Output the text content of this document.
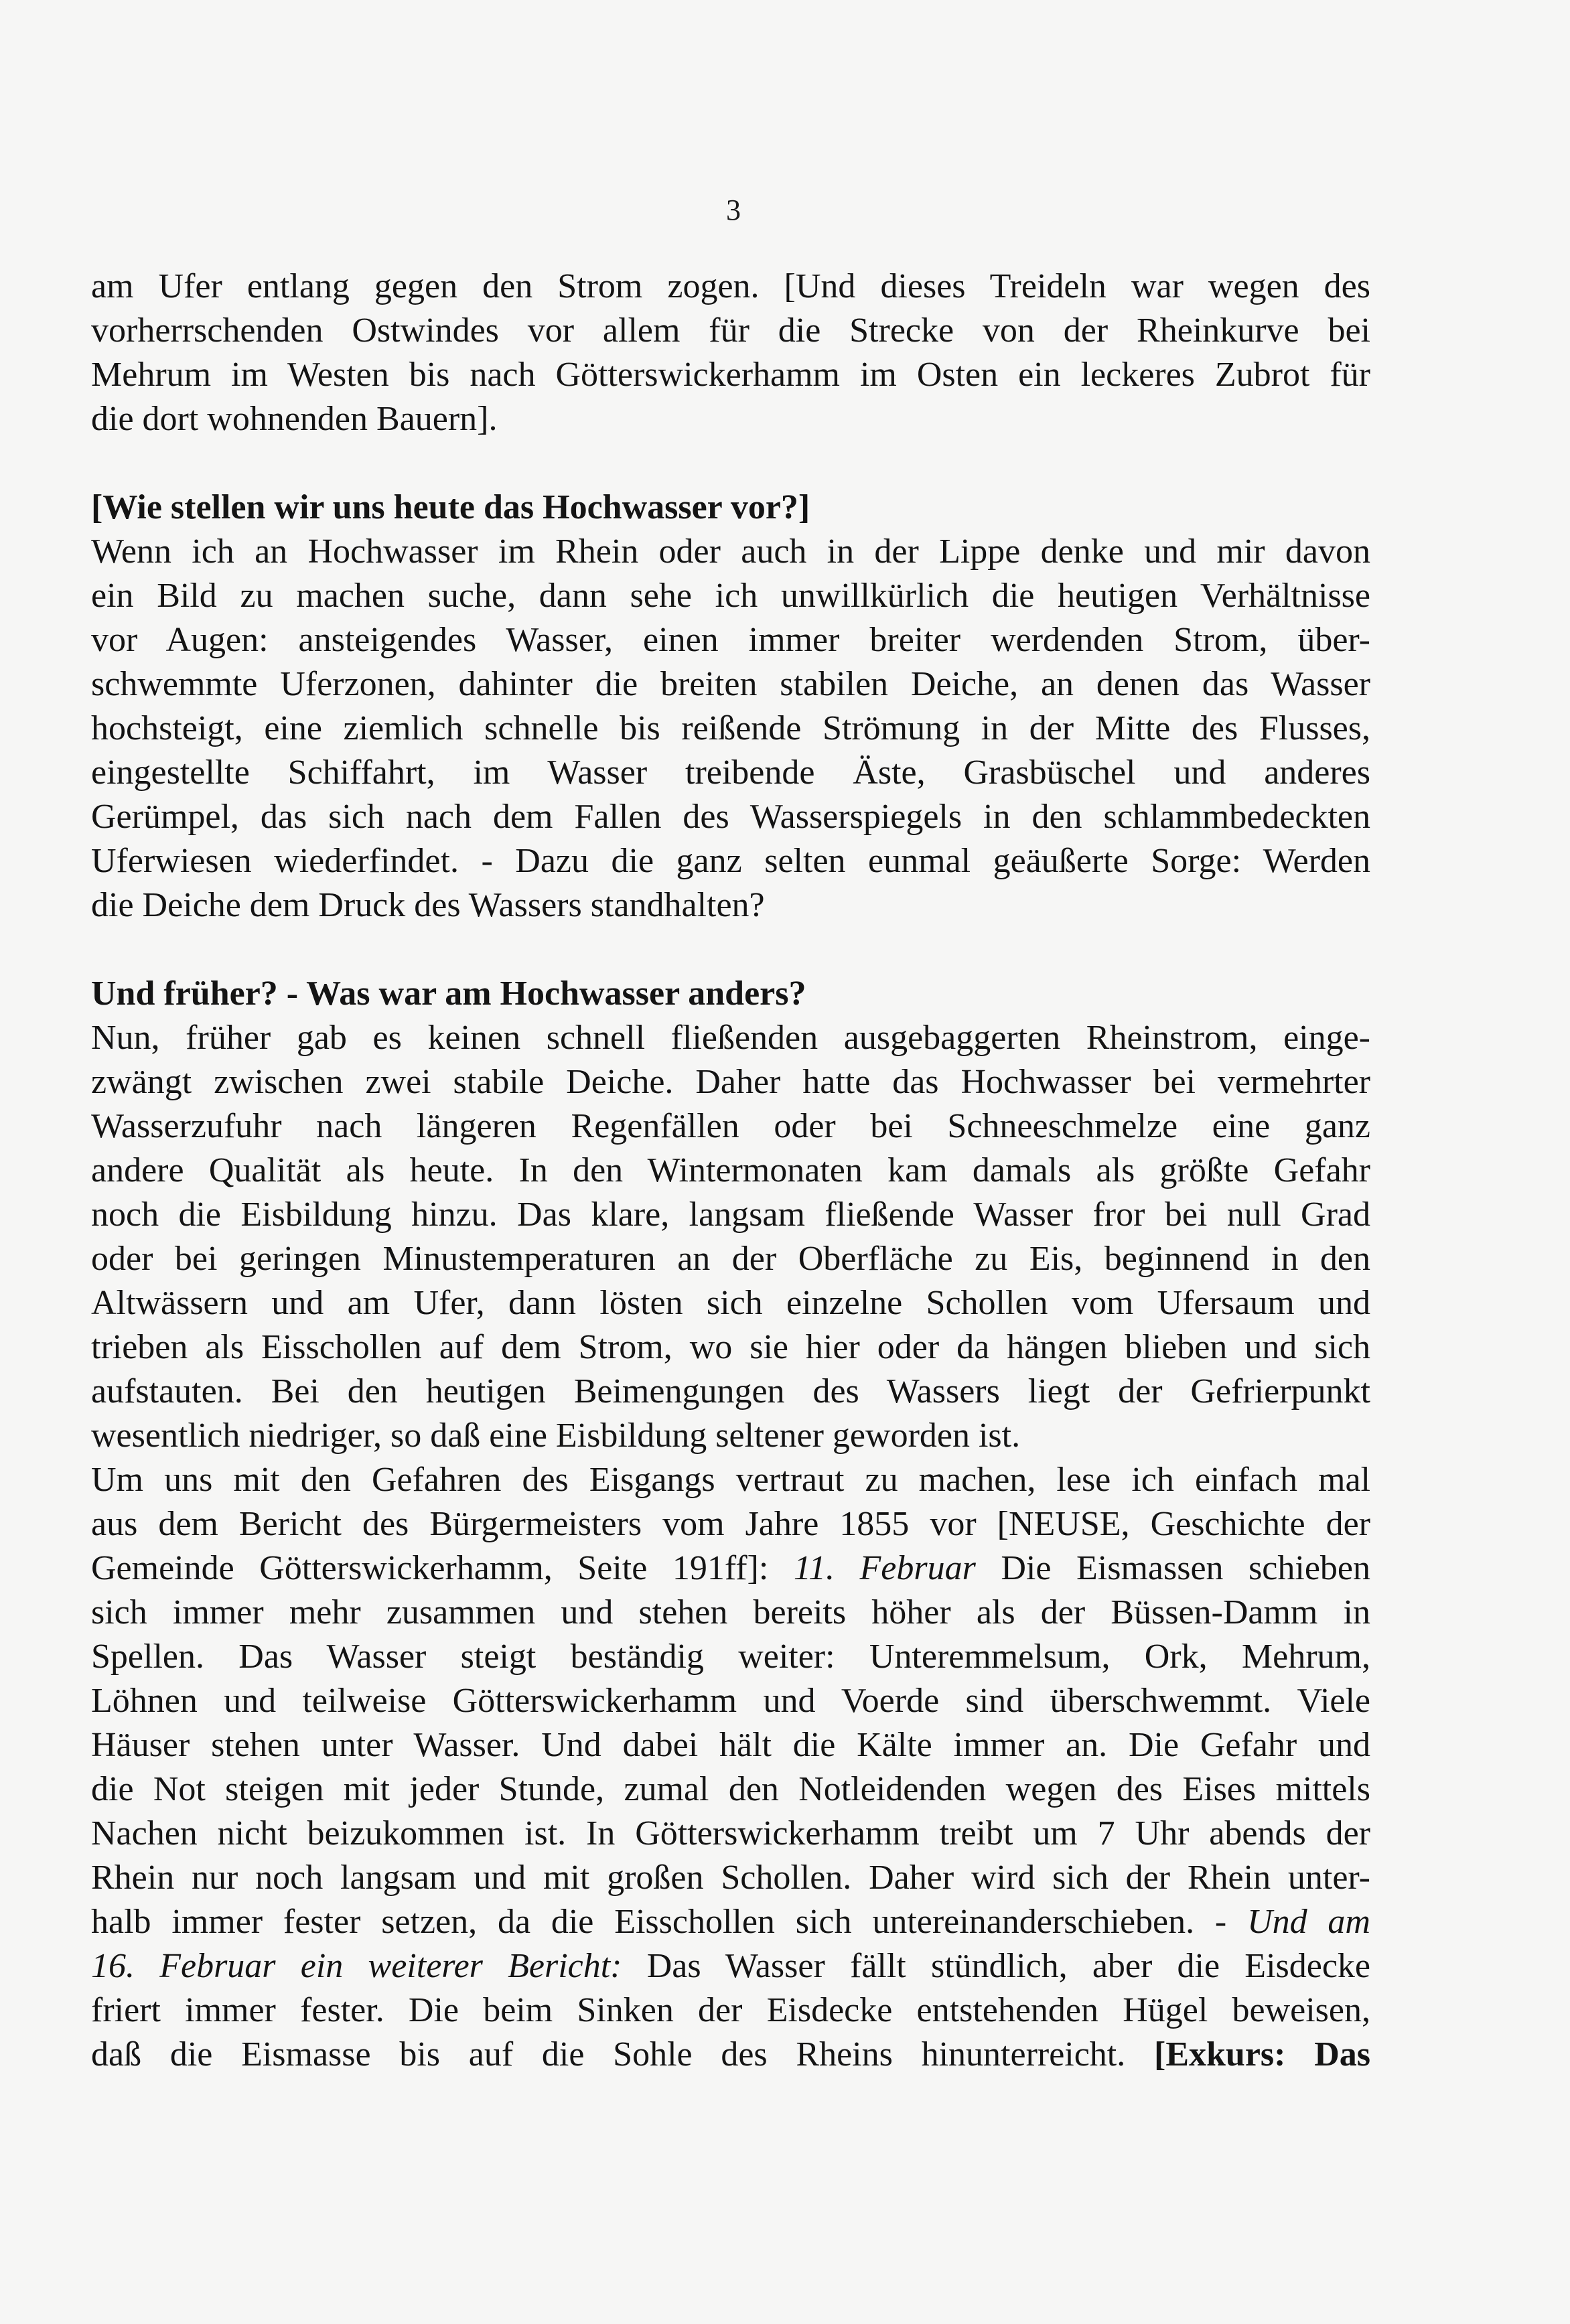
3
am Ufer entlang gegen den Strom zogen. [Und dieses Treideln war wegen des
vorherrschenden Ostwindes vor allem für die Strecke von der Rheinkurve bei
Mehrum im Westen bis nach Götterswickerhamm im Osten ein leckeres Zubrot für
die dort wohnenden Bauern].
[Wie stellen wir uns heute das Hochwasser vor?]
Wenn ich an Hochwasser im Rhein oder auch in der Lippe denke und mir davon
ein Bild zu machen suche, dann sehe ich unwillkürlich die heutigen Verhältnisse
vor Augen: ansteigendes Wasser, einen immer breiter werdenden Strom, über-
schwemmte Uferzonen, dahinter die breiten stabilen Deiche, an denen das Wasser
hochsteigt, eine ziemlich schnelle bis reißende Strömung in der Mitte des Flusses,
eingestellte Schiffahrt, im Wasser treibende Äste, Grasbüschel und anderes
Gerümpel, das sich nach dem Fallen des Wasserspiegels in den schlammbedeckten
Uferwiesen wiederfindet. - Dazu die ganz selten eunmal geäußerte Sorge: Werden
die Deiche dem Druck des Wassers standhalten?
Und früher? - Was war am Hochwasser anders?
Nun, früher gab es keinen schnell fließenden ausgebaggerten Rheinstrom, einge-
zwängt zwischen zwei stabile Deiche. Daher hatte das Hochwasser bei vermehrter
Wasserzufuhr nach längeren Regenfällen oder bei Schneeschmelze eine ganz
andere Qualität als heute. In den Wintermonaten kam damals als größte Gefahr
noch die Eisbildung hinzu. Das klare, langsam fließende Wasser fror bei null Grad
oder bei geringen Minustemperaturen an der Oberfläche zu Eis, beginnend in den
Altwässern und am Ufer, dann lösten sich einzelne Schollen vom Ufersaum und
trieben als Eisschollen auf dem Strom, wo sie hier oder da hängen blieben und sich
aufstauten. Bei den heutigen Beimengungen des Wassers liegt der Gefrierpunkt
wesentlich niedriger, so daß eine Eisbildung seltener geworden ist.
Um uns mit den Gefahren des Eisgangs vertraut zu machen, lese ich einfach mal
aus dem Bericht des Bürgermeisters vom Jahre 1855 vor [NEUSE, Geschichte der
Gemeinde Götterswickerhamm, Seite 191ff]: 11. Februar Die Eismassen schieben
sich immer mehr zusammen und stehen bereits höher als der Büssen-Damm in
Spellen. Das Wasser steigt beständig weiter: Unteremmelsum, Ork, Mehrum,
Löhnen und teilweise Götterswickerhamm und Voerde sind überschwemmt. Viele
Häuser stehen unter Wasser. Und dabei hält die Kälte immer an. Die Gefahr und
die Not steigen mit jeder Stunde, zumal den Notleidenden wegen des Eises mittels
Nachen nicht beizukommen ist. In Götterswickerhamm treibt um 7 Uhr abends der
Rhein nur noch langsam und mit großen Schollen. Daher wird sich der Rhein unter-
halb immer fester setzen, da die Eisschollen sich untereinanderschieben. - Und am
16. Februar ein weiterer Bericht: Das Wasser fällt stündlich, aber die Eisdecke
friert immer fester. Die beim Sinken der Eisdecke entstehenden Hügel beweisen,
daß die Eismasse bis auf die Sohle des Rheins hinunterreicht. [Exkurs: Das
